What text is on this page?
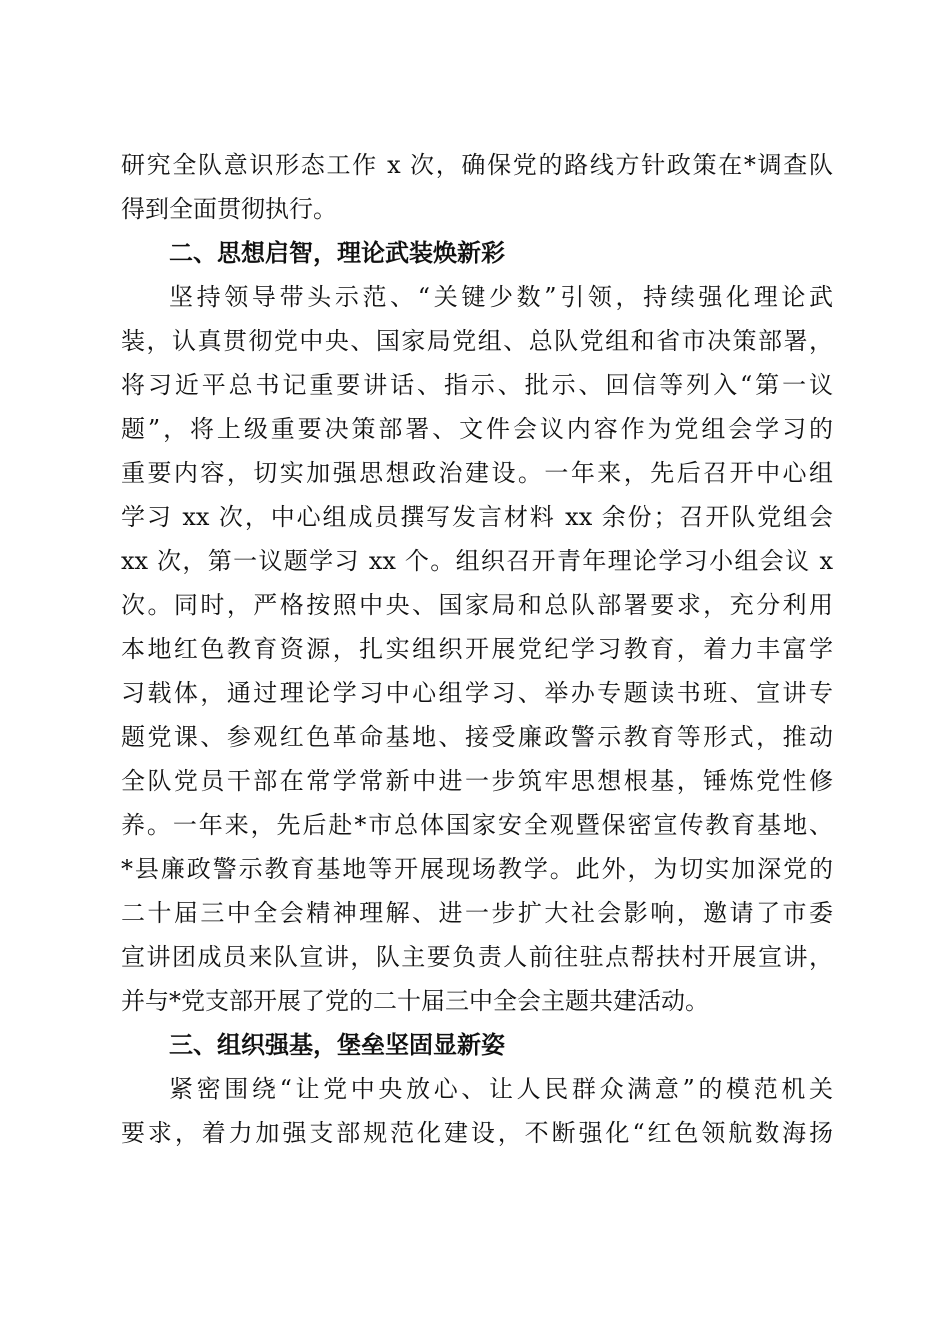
研究全队意识形态工作 x 次，确保党的路线方针政策在*调查队
得到全面贯彻执行。
二、思想启智，理论武装焕新彩
坚持领导带头示范、“关键少数”引领，持续强化理论武
装，认真贯彻党中央、国家局党组、总队党组和省市决策部署，
将习近平总书记重要讲话、指示、批示、回信等列入“第一议
题”，将上级重要决策部署、文件会议内容作为党组会学习的
重要内容，切实加强思想政治建设。一年来，先后召开中心组
学习 xx 次，中心组成员撰写发言材料 xx 余份；召开队党组会
xx 次，第一议题学习 xx 个。组织召开青年理论学习小组会议 x
次。同时，严格按照中央、国家局和总队部署要求，充分利用
本地红色教育资源，扎实组织开展党纪学习教育，着力丰富学
习载体，通过理论学习中心组学习、举办专题读书班、宣讲专
题党课、参观红色革命基地、接受廉政警示教育等形式，推动
全队党员干部在常学常新中进一步筑牢思想根基，锤炼党性修
养。一年来，先后赴*市总体国家安全观暨保密宣传教育基地、
*县廉政警示教育基地等开展现场教学。此外，为切实加深党的
二十届三中全会精神理解、进一步扩大社会影响，邀请了市委
宣讲团成员来队宣讲，队主要负责人前往驻点帮扶村开展宣讲，
并与*党支部开展了党的二十届三中全会主题共建活动。
三、组织强基，堡垒坚固显新姿
紧密围绕“让党中央放心、让人民群众满意”的模范机关
要求，着力加强支部规范化建设，不断强化“红色领航数海扬
